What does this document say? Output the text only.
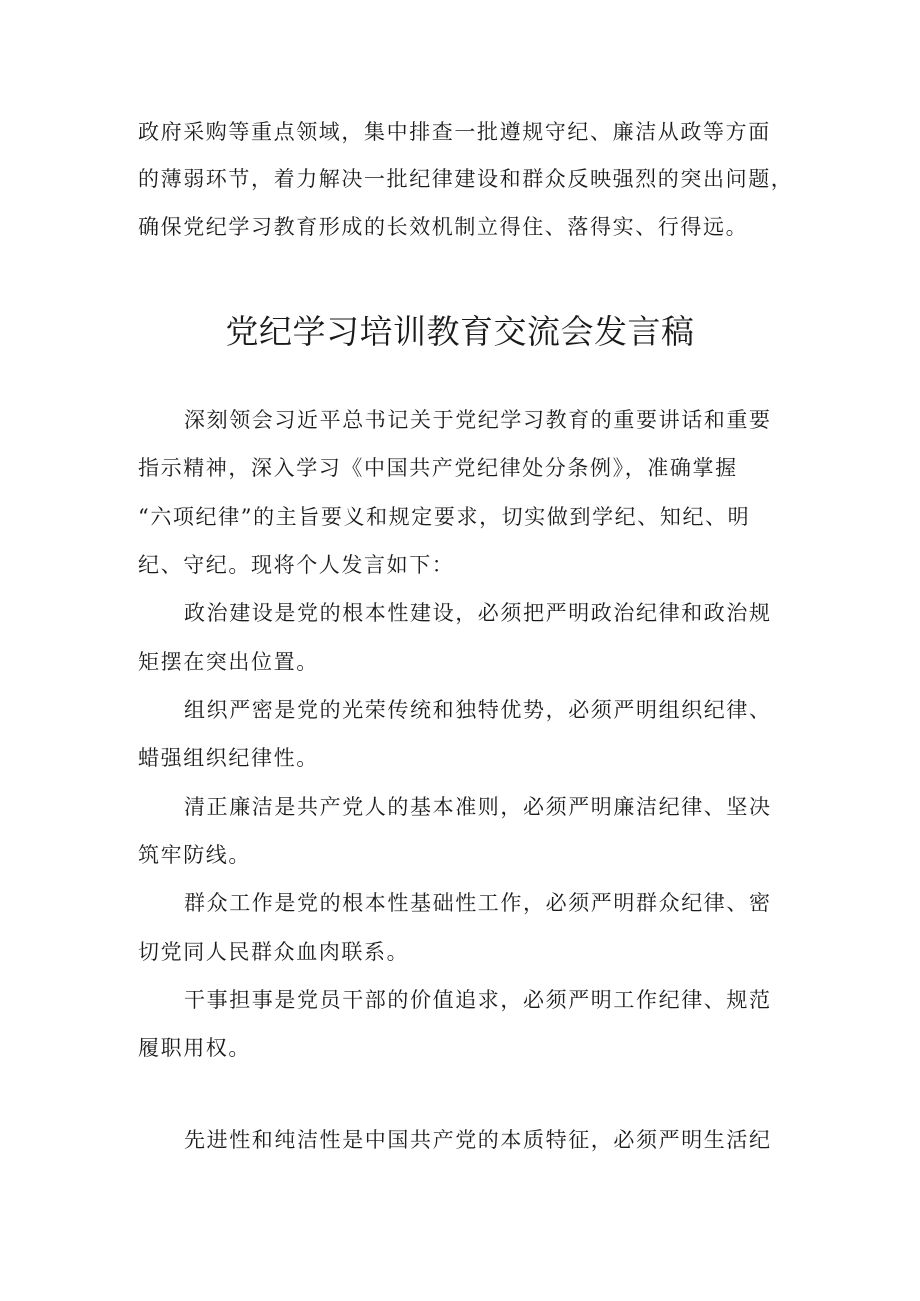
政府采购等重点领域，集中排查一批遵规守纪、廉洁从政等方面
的薄弱环节，着力解决一批纪律建设和群众反映强烈的突出问题，
确保党纪学习教育形成的长效机制立得住、落得实、行得远。
党纪学习培训教育交流会发言稿
深刻领会习近平总书记关于党纪学习教育的重要讲话和重要
指示精神，深入学习《中国共产党纪律处分条例》，准确掌握
“六项纪律”的主旨要义和规定要求，切实做到学纪、知纪、明
纪、守纪。现将个人发言如下：
政治建设是党的根本性建设，必须把严明政治纪律和政治规
矩摆在突出位置。
组织严密是党的光荣传统和独特优势，必须严明组织纪律、
蜡强组织纪律性。
清正廉洁是共产党人的基本准则，必须严明廉洁纪律、坚决
筑牢防线。
群众工作是党的根本性基础性工作，必须严明群众纪律、密
切党同人民群众血肉联系。
干事担事是党员干部的价值追求，必须严明工作纪律、规范
履职用权。
先进性和纯洁性是中国共产党的本质特征，必须严明生活纪
